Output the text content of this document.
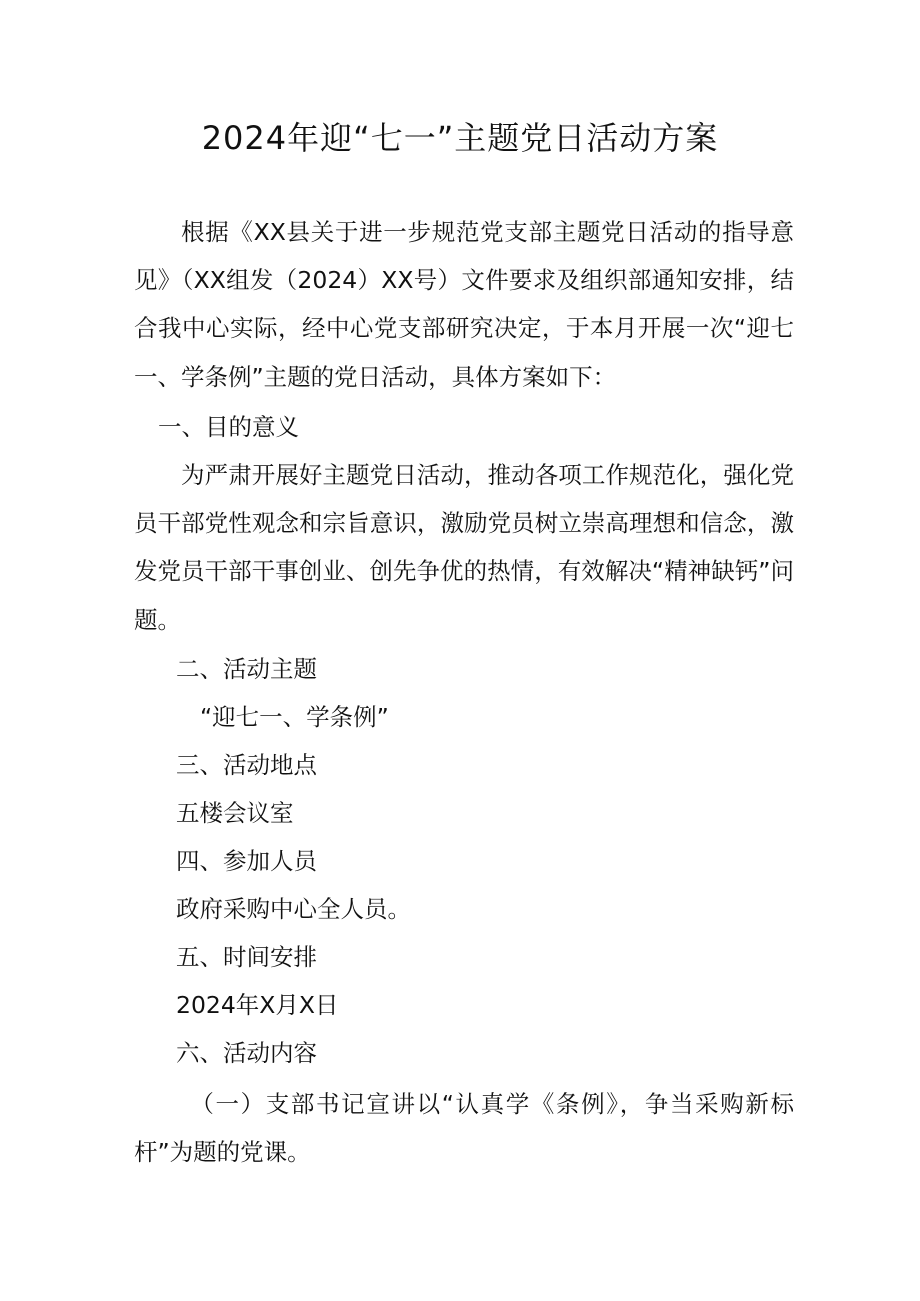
2024年迎“七一”主题党日活动方案

根据《XX县关于进一步规范党支部主题党日活动的指导意见》（XX组发（2024）XX号）文件要求及组织部通知安排，结合我中心实际，经中心党支部研究决定，于本月开展一次“迎七一、学条例”主题的党日活动，具体方案如下：

一、目的意义

为严肃开展好主题党日活动，推动各项工作规范化，强化党员干部党性观念和宗旨意识，激励党员树立崇高理想和信念，激发党员干部干事创业、创先争优的热情，有效解决“精神缺钙”问题。

二、活动主题
“迎七一、学条例”
三、活动地点
五楼会议室
四、参加人员
政府采购中心全人员。
五、时间安排
2024年X月X日
六、活动内容

（一）支部书记宣讲以“认真学《条例》，争当采购新标杆”为题的党课。
